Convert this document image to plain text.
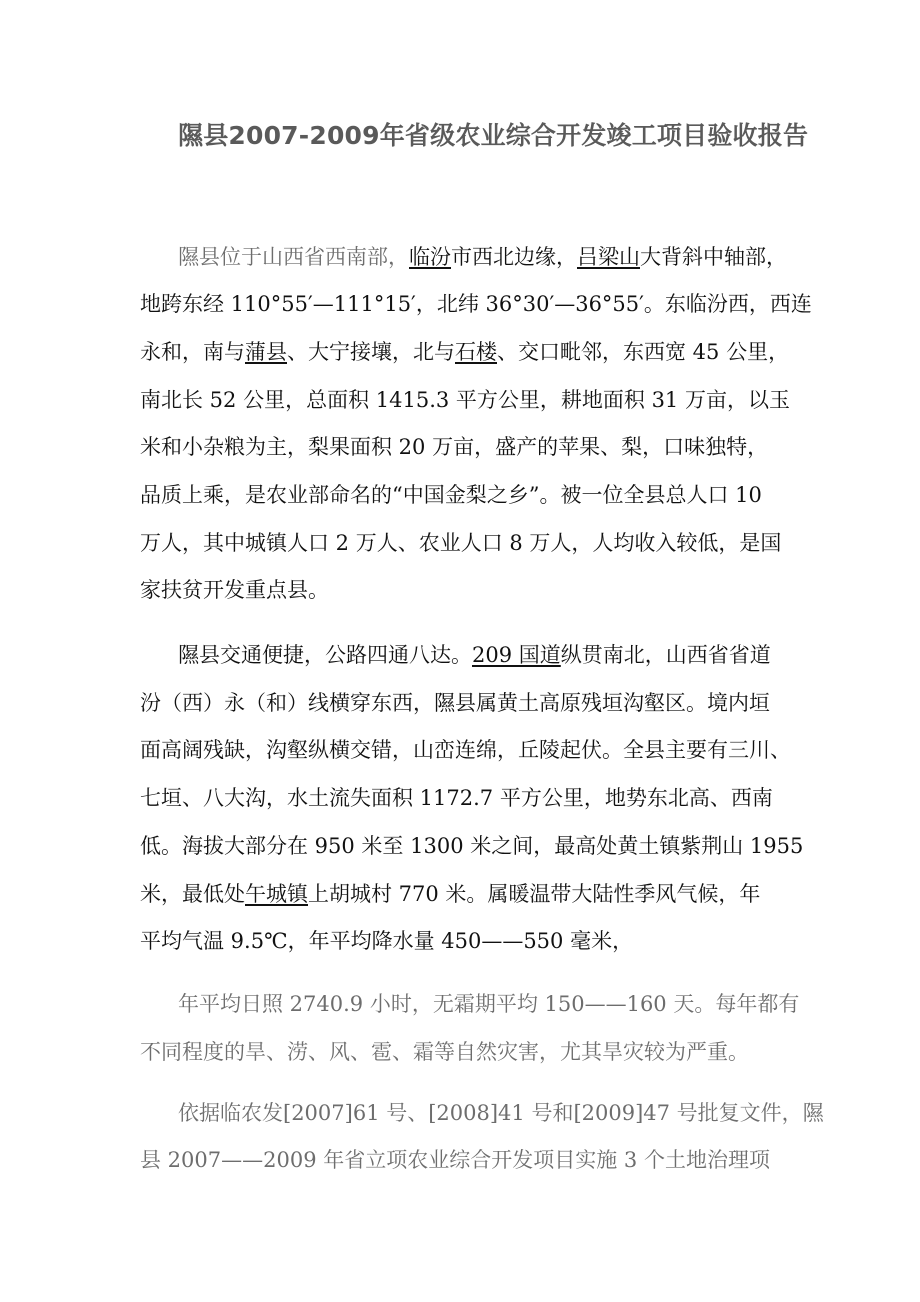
隰县2007-2009年省级农业综合开发竣工项目验收报告
隰县位于山西省西南部，临汾市西北边缘，吕梁山大背斜中轴部，
地跨东经 110°55′—111°15′，北纬 36°30′—36°55′。东临汾西，西连
永和，南与蒲县、大宁接壤，北与石楼、交口毗邻，东西宽 45 公里，
南北长 52 公里，总面积 1415.3 平方公里，耕地面积 31 万亩，以玉
米和小杂粮为主，梨果面积 20 万亩，盛产的苹果、梨，口味独特，
品质上乘，是农业部命名的“中国金梨之乡”。被一位全县总人口 10
万人，其中城镇人口 2 万人、农业人口 8 万人，人均收入较低，是国
家扶贫开发重点县。
隰县交通便捷，公路四通八达。209 国道纵贯南北，山西省省道
汾（西）永（和）线横穿东西，隰县属黄土高原残垣沟壑区。境内垣
面高阔残缺，沟壑纵横交错，山峦连绵，丘陵起伏。全县主要有三川、
七垣、八大沟，水土流失面积 1172.7 平方公里，地势东北高、西南
低。海拔大部分在 950 米至 1300 米之间，最高处黄土镇紫荆山 1955
米，最低处午城镇上胡城村 770 米。属暖温带大陆性季风气候，年
平均气温 9.5℃，年平均降水量 450——550 毫米，
年平均日照 2740.9 小时，无霜期平均 150——160 天。每年都有
不同程度的旱、涝、风、雹、霜等自然灾害，尤其旱灾较为严重。
依据临农发[2007]61 号、[2008]41 号和[2009]47 号批复文件，隰
县 2007——2009 年省立项农业综合开发项目实施 3 个土地治理项
